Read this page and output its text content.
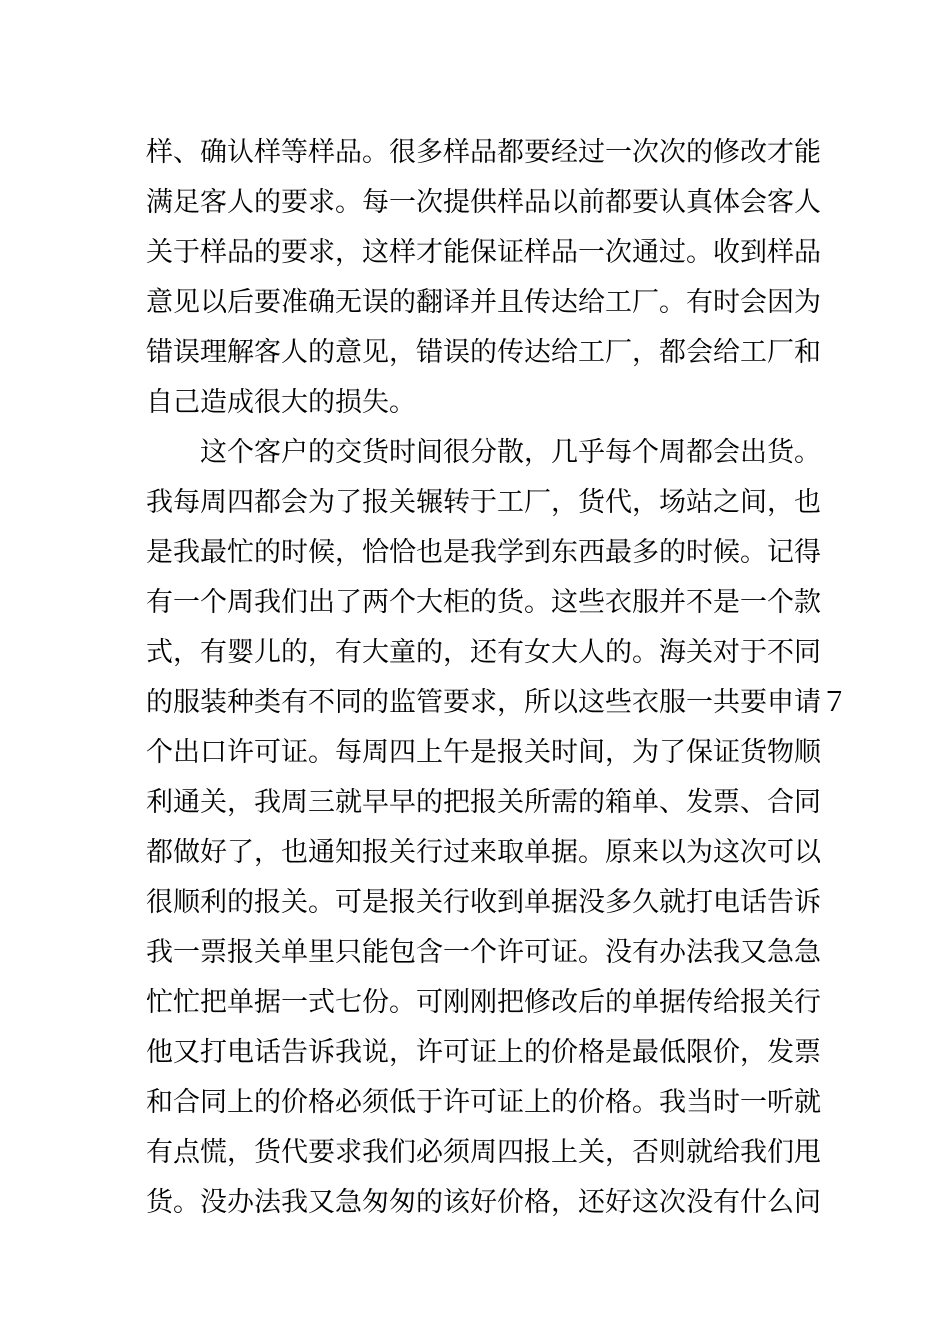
样、确认样等样品。很多样品都要经过一次次的修改才能
满足客人的要求。每一次提供样品以前都要认真体会客人
关于样品的要求，这样才能保证样品一次通过。收到样品
意见以后要准确无误的翻译并且传达给工厂。有时会因为
错误理解客人的意见，错误的传达给工厂，都会给工厂和
自己造成很大的损失。
这个客户的交货时间很分散，几乎每个周都会出货。
我每周四都会为了报关辗转于工厂，货代，场站之间，也
是我最忙的时候，恰恰也是我学到东西最多的时候。记得
有一个周我们出了两个大柜的货。这些衣服并不是一个款
式，有婴儿的，有大童的，还有女大人的。海关对于不同
的服装种类有不同的监管要求，所以这些衣服一共要申请７
个出口许可证。每周四上午是报关时间，为了保证货物顺
利通关，我周三就早早的把报关所需的箱单、发票、合同
都做好了，也通知报关行过来取单据。原来以为这次可以
很顺利的报关。可是报关行收到单据没多久就打电话告诉
我一票报关单里只能包含一个许可证。没有办法我又急急
忙忙把单据一式七份。可刚刚把修改后的单据传给报关行
他又打电话告诉我说，许可证上的价格是最低限价，发票
和合同上的价格必须低于许可证上的价格。我当时一听就
有点慌，货代要求我们必须周四报上关，否则就给我们甩
货。没办法我又急匆匆的该好价格，还好这次没有什么问
